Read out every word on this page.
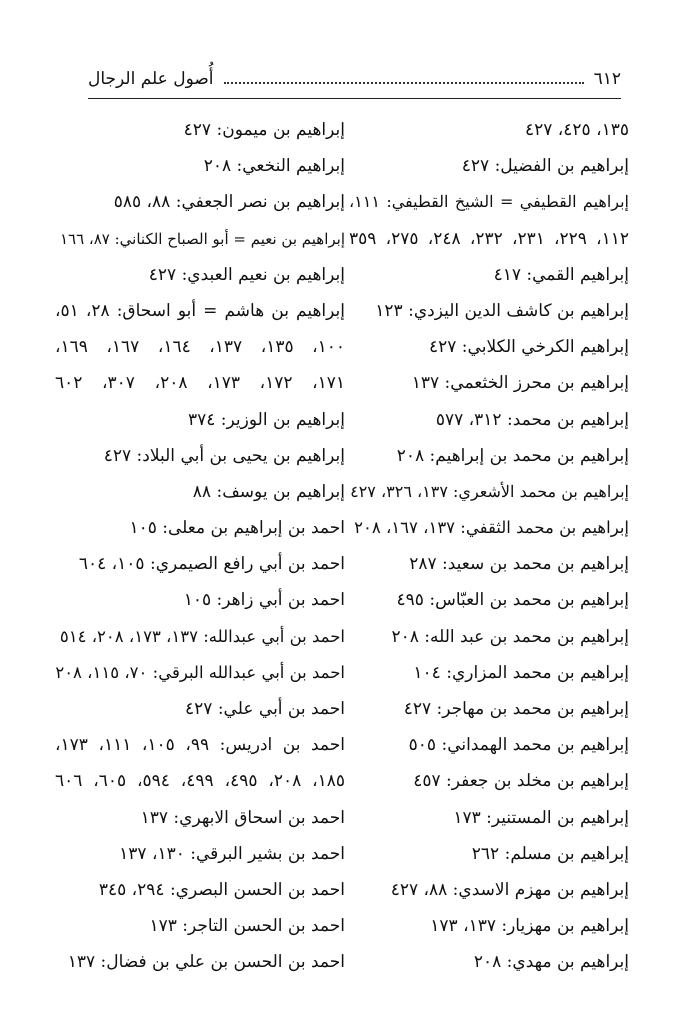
٦١٢
أُصول علم الرجال
١٣٥، ٤٢٥، ٤٢٧
إبراهيم بن الفضيل: ٤٢٧
إبراهيم القطيفي = الشيخ القطيفي: ١١١،
١١٢، ٢٢٩، ٢٣١، ٢٣٢، ٢٤٨، ٢٧٥، ٣٥٩
إبراهيم القمي: ٤١٧
إبراهيم بن كاشف الدين اليزدي: ١٢٣
إبراهيم الكرخي الكلابي: ٤٢٧
إبراهيم بن محرز الخثعمي: ١٣٧
إبراهيم بن محمد: ٣١٢، ٥٧٧
إبراهيم بن محمد بن إبراهيم: ٢٠٨
إبراهيم بن محمد الأشعري: ١٣٧، ٣٢٦، ٤٢٧
إبراهيم بن محمد الثقفي: ١٣٧، ١٦٧، ٢٠٨
إبراهيم بن محمد بن سعيد: ٢٨٧
إبراهيم بن محمد بن العبّاس: ٤٩٥
إبراهيم بن محمد بن عبد الله: ٢٠٨
إبراهيم بن محمد المزاري: ١٠٤
إبراهيم بن محمد بن مهاجر: ٤٢٧
إبراهيم بن محمد الهمداني: ٥٠٥
إبراهيم بن مخلد بن جعفر: ٤٥٧
إبراهيم بن المستنير: ١٧٣
إبراهيم بن مسلم: ٢٦٢
إبراهيم بن مهزم الاسدي: ٨٨، ٤٢٧
إبراهيم بن مهزيار: ١٣٧، ١٧٣
إبراهيم بن مهدي: ٢٠٨
إبراهيم بن ميمون: ٤٢٧
إبراهيم النخعي: ٢٠٨
إبراهيم بن نصر الجعفي: ٨٨، ٥٨٥
إبراهيم بن نعيم = أبو الصباح الكناني: ٨٧، ١٦٦
إبراهيم بن نعيم العبدي: ٤٢٧
إبراهيم بن هاشم = أبو اسحاق: ٢٨، ٥١،
١٠٠، ١٣٥، ١٣٧، ١٦٤، ١٦٧، ١٦٩،
١٧١، ١٧٢، ١٧٣، ٢٠٨، ٣٠٧، ٦٠٢
إبراهيم بن الوزير: ٣٧٤
إبراهيم بن يحيى بن أبي البلاد: ٤٢٧
إبراهيم بن يوسف: ٨٨
احمد بن إبراهيم بن معلى: ١٠٥
احمد بن أبي رافع الصيمري: ١٠٥، ٦٠٤
احمد بن أبي زاهر: ١٠٥
احمد بن أبي عبدالله: ١٣٧، ١٧٣، ٢٠٨، ٥١٤
احمد بن أبي عبدالله البرقي: ٧٠، ١١٥، ٢٠٨
احمد بن أبي علي: ٤٢٧
احمد بن ادريس: ٩٩، ١٠٥، ١١١، ١٧٣،
١٨٥، ٢٠٨، ٤٩٥، ٤٩٩، ٥٩٤، ٦٠٥، ٦٠٦
احمد بن اسحاق الابهري: ١٣٧
احمد بن بشير البرقي: ١٣٠، ١٣٧
احمد بن الحسن البصري: ٢٩٤، ٣٤٥
احمد بن الحسن التاجر: ١٧٣
احمد بن الحسن بن علي بن فضال: ١٣٧
